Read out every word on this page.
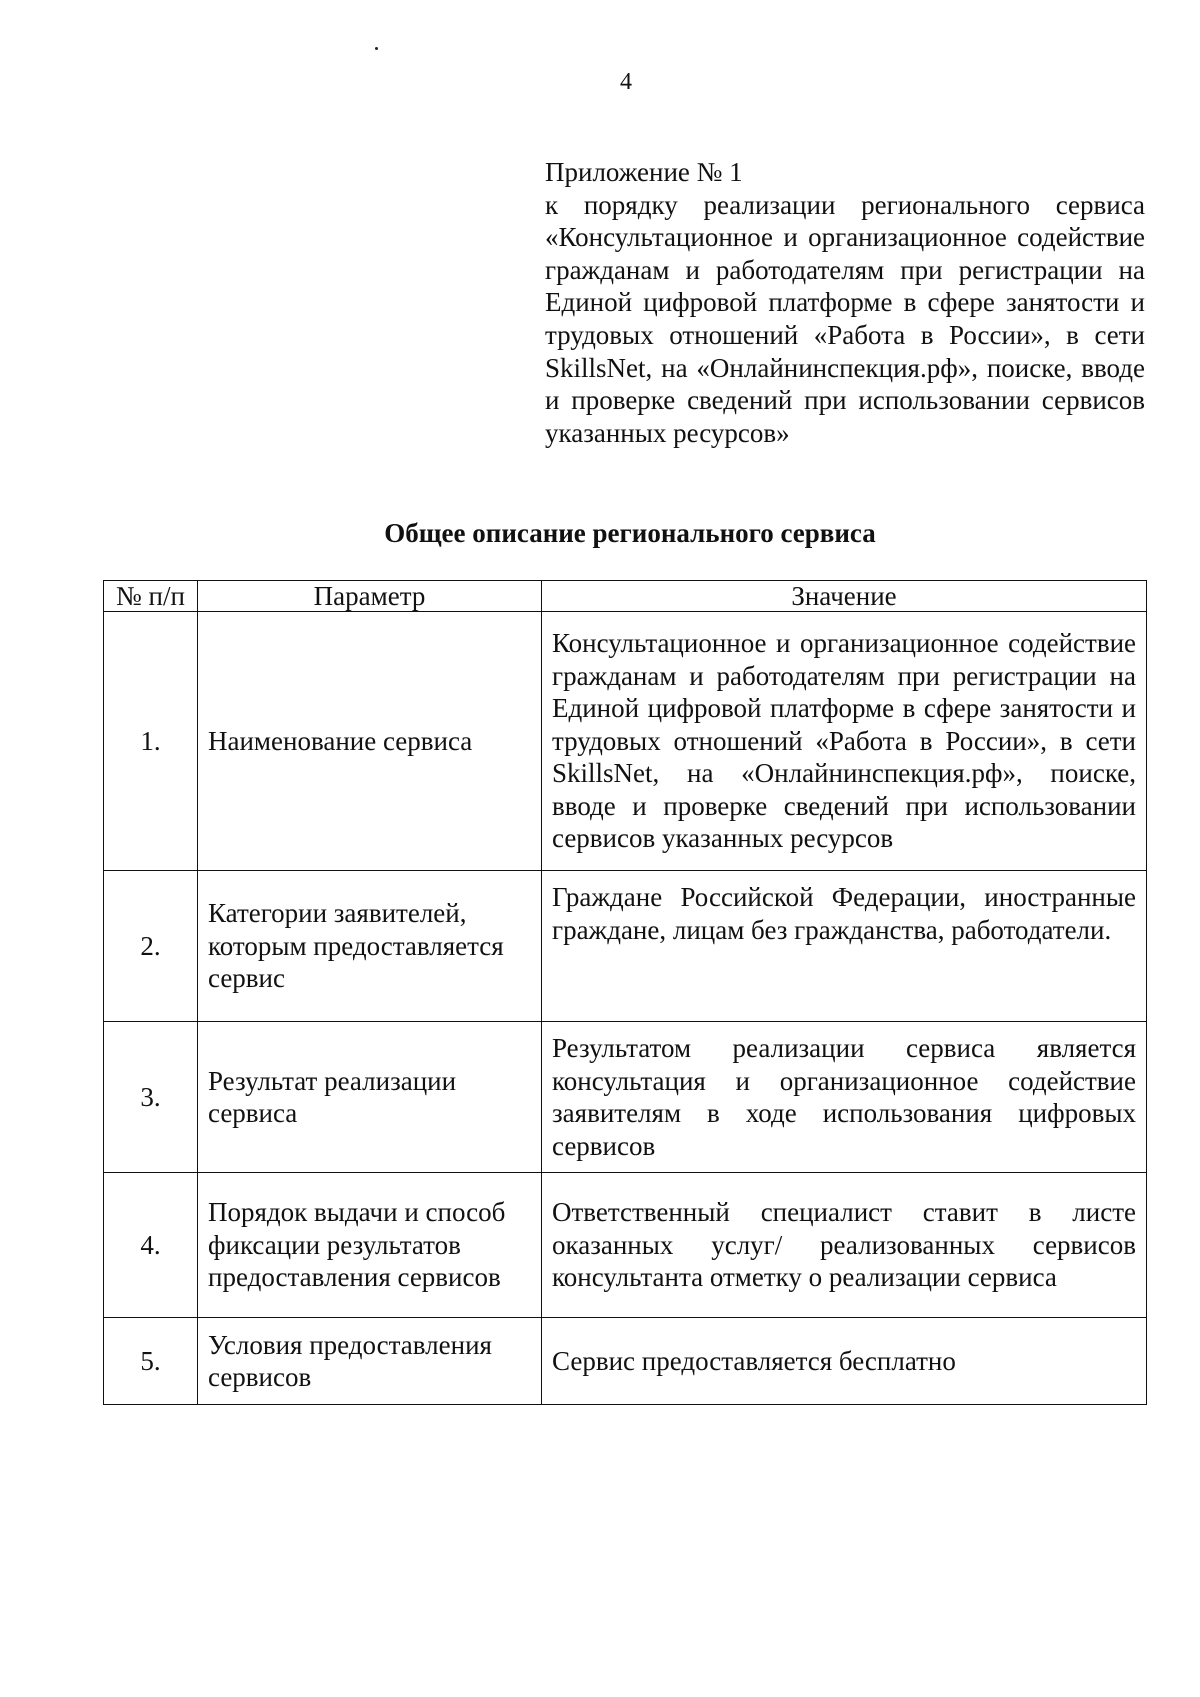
4
Приложение № 1
к порядку реализации регионального сервиса «Консультационное и организационное содействие гражданам и работодателям при регистрации на Единой цифровой платформе в сфере занятости и трудовых отношений «Работа в России», в сети SkillsNet, на «Онлайнинспекция.рф», поиске, вводе и проверке сведений при использовании сервисов указанных ресурсов»
Общее описание регионального сервиса
№ п/п	Параметр	Значение
1.	Наименование сервиса	Консультационное и организационное содействие гражданам и работодателям при регистрации на Единой цифровой платформе в сфере занятости и трудовых отношений «Работа в России», в сети SkillsNet, на «Онлайнинспекция.рф», поиске, вводе и проверке сведений при использовании сервисов указанных ресурсов
2.	Категории заявителей, которым предоставляется сервис	Граждане Российской Федерации, иностранные граждане, лицам без гражданства, работодатели.
3.	Результат реализации сервиса	Результатом реализации сервиса является консультация и организационное содействие заявителям в ходе использования цифровых сервисов
4.	Порядок выдачи и способ фиксации результатов предоставления сервисов	Ответственный специалист ставит в листе оказанных услуг/ реализованных сервисов консультанта отметку о реализации сервиса
5.	Условия предоставления сервисов	Сервис предоставляется бесплатно
